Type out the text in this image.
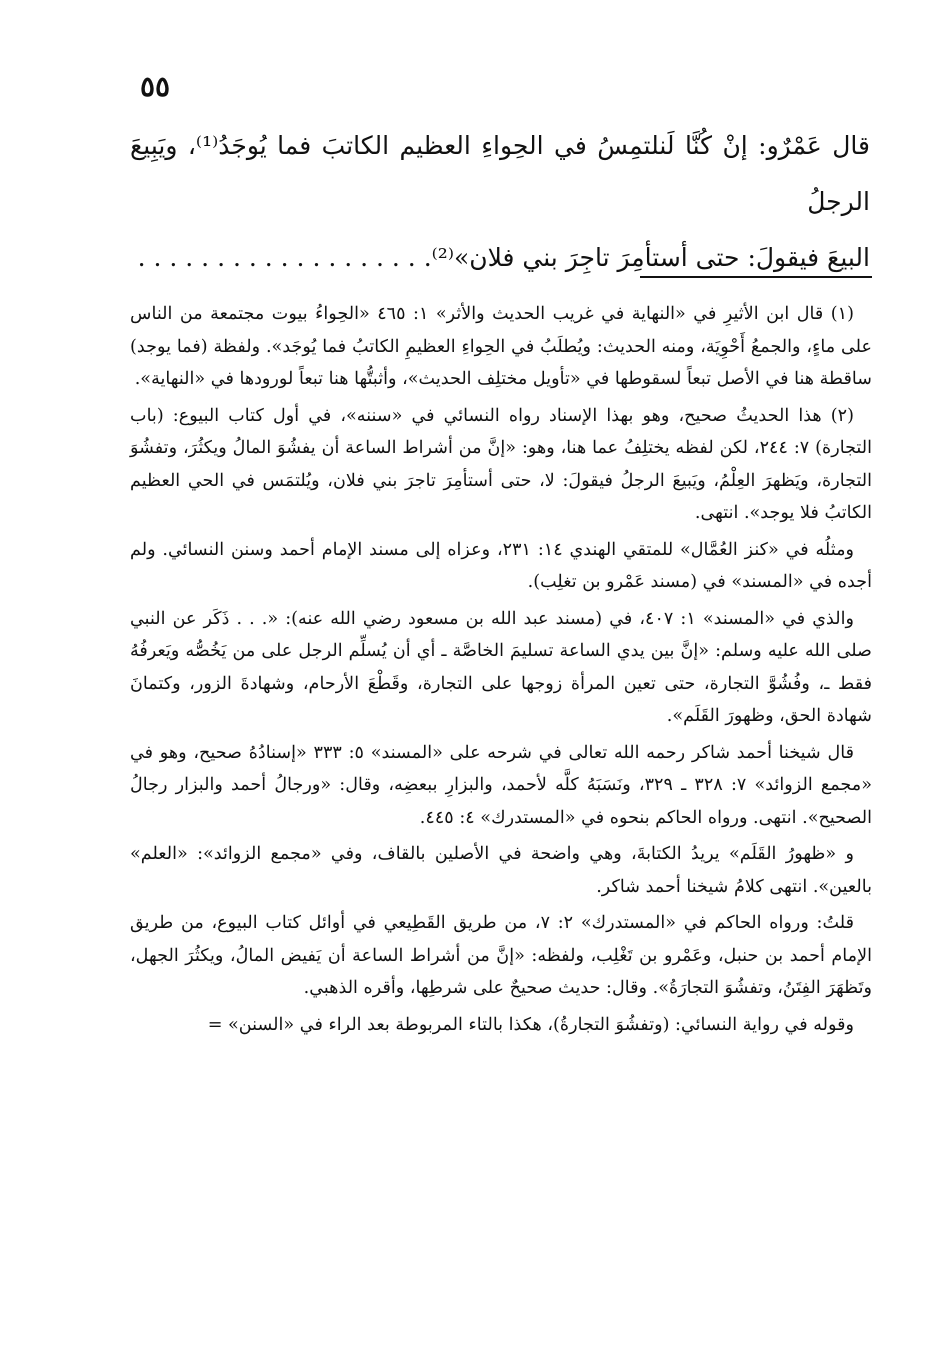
٥٥

قال عَمْرٌو: إنْ كُنَّا لَنلتمِسُ في الحِواءِ العظيم الكاتبَ فما يُوجَدُ⁽¹⁾، ويَبِيعَ الرجلُ

البيعَ فيقولَ: حتى أستأمِرَ تاجِرَ بني فلان»⁽²⁾. . . . . . . . . . . . . . . . . . .

(١) قال ابن الأثيرِ في «النهاية في غريب الحديث والأثر» ١: ٤٦٥ «الحِواءُ بيوت مجتمعة من الناس على ماءٍ، والجمعُ أَحْوِيَة، ومنه الحديث: ويُطلَبُ في الحِواءِ العظيمِ الكاتبُ فما يُوجَد». ولفظة (فما يوجد) ساقطة هنا في الأصل تبعاً لسقوطها في «تأويل مختلِف الحديث»، وأثبتُّها هنا تبعاً لورودها في «النهاية».

(٢) هذا الحديثُ صحيح، وهو بهذا الإسناد رواه النسائي في «سننه»، في أول كتاب البيوع: (باب التجارة) ٧: ٢٤٤، لكن لفظه يختلِفُ عما هنا، وهو: «إنَّ من أشراط الساعة أن يفشُوَ المالُ ويكثُرَ، وتفشُوَ التجارة، ويَظهرَ العِلْمُ، ويَبيعَ الرجلُ فيقولَ: لا، حتى أستأمِرَ تاجرَ بني فلان، ويُلتمَس في الحي العظيم الكاتبُ فلا يوجد». انتهى.

ومثلُه في «كنز العُمَّال» للمتقي الهندي ١٤: ٢٣١، وعزاه إلى مسند الإمام أحمد وسنن النسائي. ولم أجده في «المسند» في (مسند عَمْرو بن تغلِب).

والذي في «المسند» ١: ٤٠٧، في (مسند عبد الله بن مسعود رضي الله عنه): «. . . ذَكَر عن النبي صلى الله عليه وسلم: «إنَّ بين يدي الساعة تسليمَ الخاصَّة ـ أي أن يُسلِّم الرجل على من يَخُصُّه ويَعرفُهُ فقط ـ، وفُشُوَّ التجارة، حتى تعين المرأة زوجها على التجارة، وقَطْعَ الأرحام، وشهادةَ الزور، وكتمانَ شهادة الحق، وظهورَ القَلَم».

قال شيخنا أحمد شاكر رحمه الله تعالى في شرحه على «المسند» ٥: ٣٣٣ «إسنادُهُ صحيح، وهو في «مجمع الزوائد» ٧: ٣٢٨ ـ ٣٢٩، ونَسَبَهُ كلَّه لأحمد، والبزارِ ببعضِه، وقال: «ورجالُ أحمد والبزار رجالُ الصحيح». انتهى. ورواه الحاكم بنحوه في «المستدرك» ٤: ٤٤٥.

و «ظهورُ القَلَم» يريدُ الكتابةَ، وهي واضحة في الأصلين بالقاف، وفي «مجمع الزوائد»: «العلم» بالعين». انتهى كلامُ شيخنا أحمد شاكر.

قلتُ: ورواه الحاكم في «المستدرك» ٢: ٧، من طريق القَطِيعي في أوائل كتاب البيوع، من طريق الإمام أحمد بن حنبل، وعَمْرو بن تَغْلِب، ولفظه: «إنَّ من أشراط الساعة أن يَفيض المالُ، ويكثُرَ الجهل، وتَظهَرَ الفِتَنُ، وتفشُوَ التجارَةُ». وقال: حديث صحيحٌ على شرطِها، وأقره الذهبي.

وقوله في رواية النسائي: (وتفشُوَ التجارةُ)، هكذا بالتاء المربوطة بعد الراء في «السنن» =
